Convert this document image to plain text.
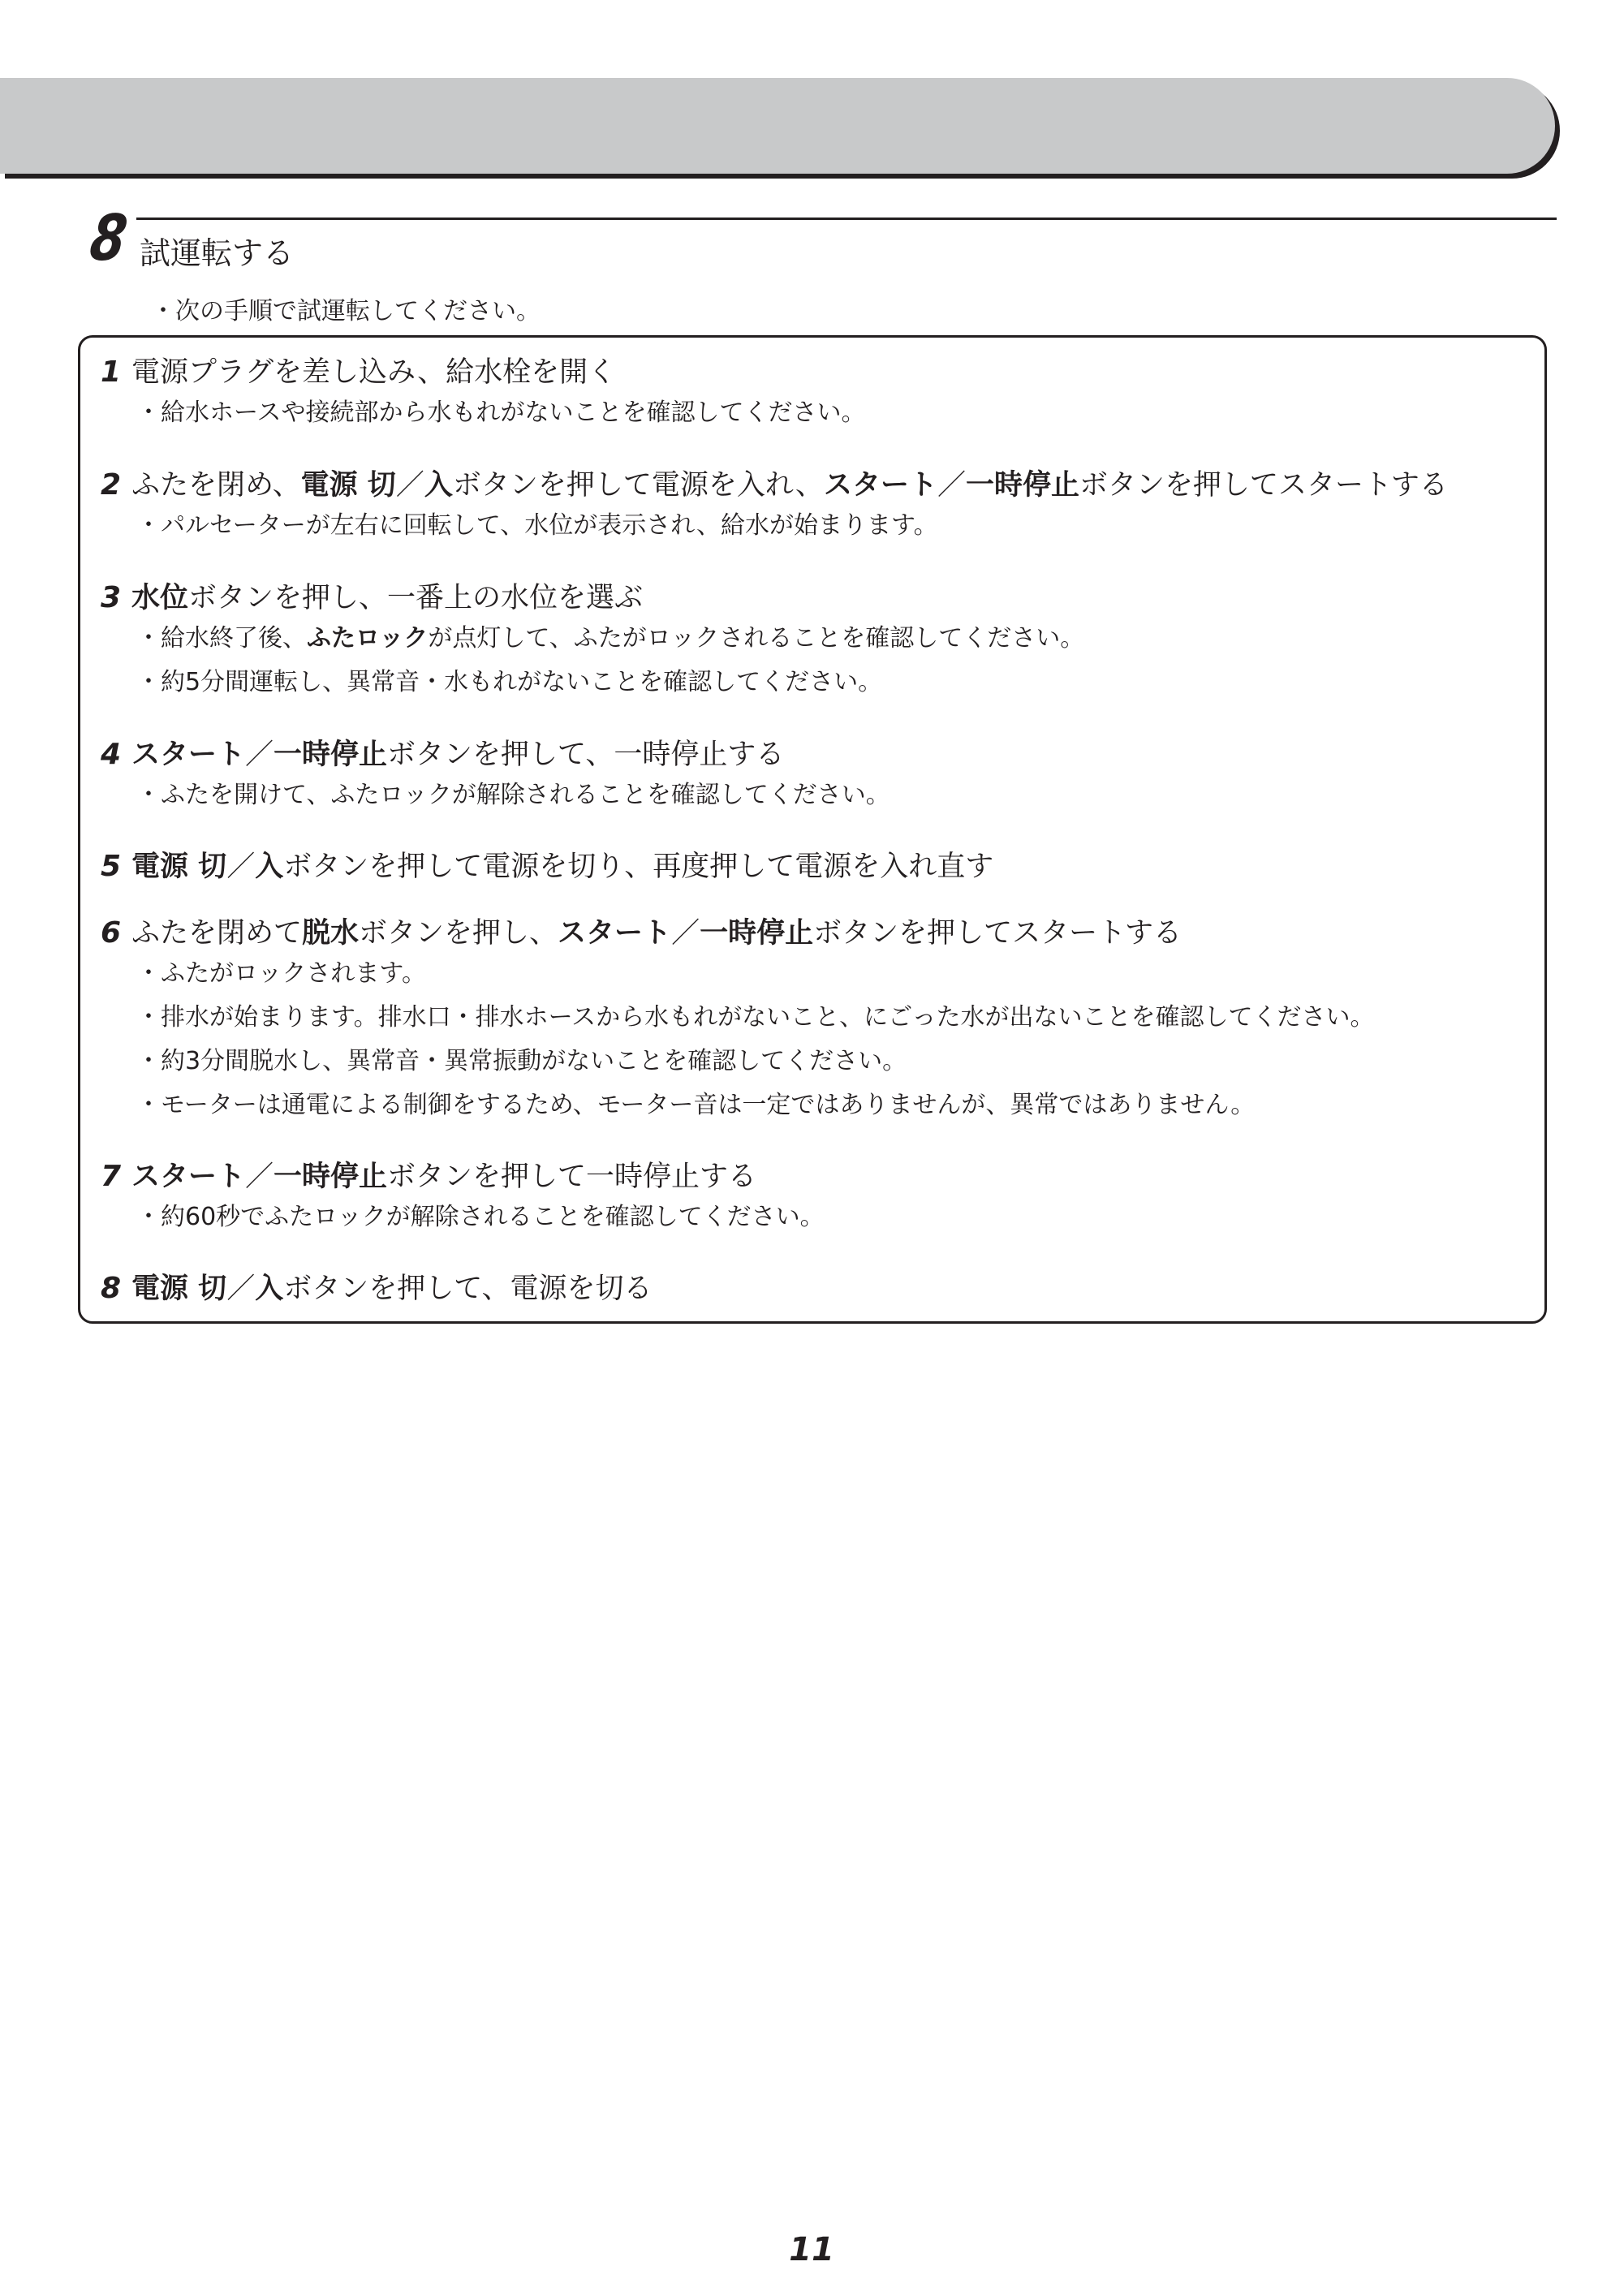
8 試運転する
・次の手順で試運転してください。
1 電源プラグを差し込み、給水栓を開く
・給水ホースや接続部から水もれがないことを確認してください。
2 ふたを閉め、 電源 切 ／ 入 ボタンを押して電源を入れ、 スタート ／ 一時停止 ボタンを押してスタートする
・パルセーターが左右に回転して、水位が表示され、給水が始まります。
3 水位 ボタンを押し、一番上の水位を選ぶ
・給水終了後、ふたロックが点灯して、ふたがロックされることを確認してください。
・約5分間運転し、異常音・水もれがないことを確認してください。
4 スタート ／ 一時停止 ボタンを押して、一時停止する
・ふたを開けて、ふたロックが解除されることを確認してください。
5 電源 切 ／ 入 ボタンを押して電源を切り、再度押して電源を入れ直す
6 ふたを閉めて 脱水 ボタンを押し、 スタート ／ 一時停止 ボタンを押してスタートする
・ふたがロックされます。
・排水が始まります。排水口・排水ホースから水もれがないこと、にごった水が出ないことを確認してください。
・約3分間脱水し、異常音・異常振動がないことを確認してください。
・モーターは通電による制御をするため、モーター音は一定ではありませんが、異常ではありません。
7 スタート ／ 一時停止 ボタンを押して一時停止する
・約60秒でふたロックが解除されることを確認してください。
8 電源 切 ／ 入 ボタンを押して、電源を切る
11
